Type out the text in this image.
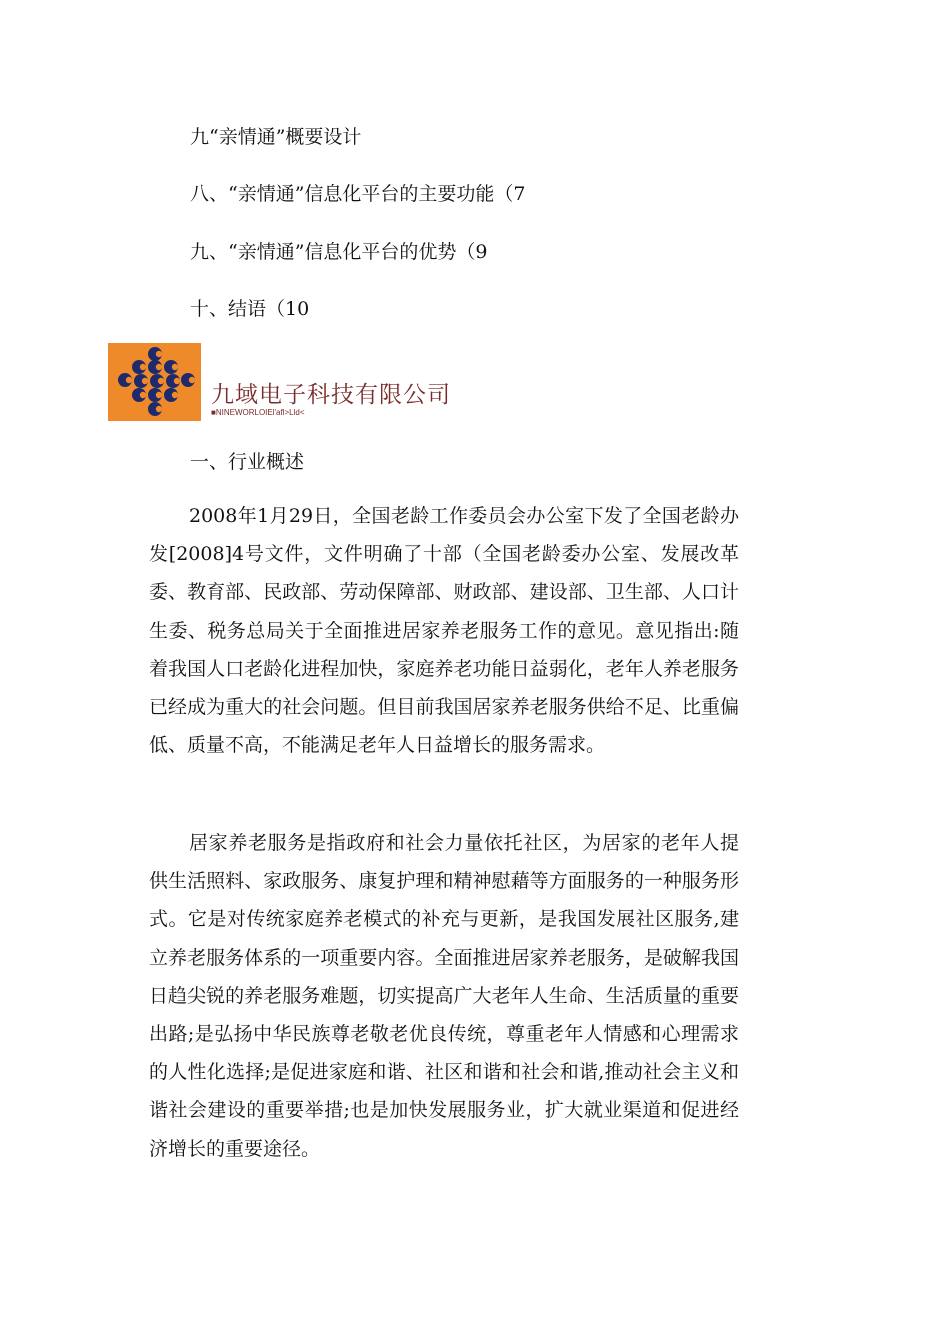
九“亲情通”概要设计
八、“亲情通”信息化平台的主要功能（7
九、“亲情通”信息化平台的优势（9
十、结语（10
九域电子科技有限公司
■NINEWORLOIEl'afl>Lld<
一、行业概述

2008年1月29日，全国老龄工作委员会办公室下发了全国老龄办发[2008]4号文件，文件明确了十部（全国老龄委办公室、发展改革委、教育部、民政部、劳动保障部、财政部、建设部、卫生部、人口计生委、税务总局关于全面推进居家养老服务工作的意见。意见指出:随着我国人口老龄化进程加快，家庭养老功能日益弱化，老年人养老服务已经成为重大的社会问题。但目前我国居家养老服务供给不足、比重偏低、质量不高，不能满足老年人日益增长的服务需求。

居家养老服务是指政府和社会力量依托社区，为居家的老年人提供生活照料、家政服务、康复护理和精神慰藉等方面服务的一种服务形式。它是对传统家庭养老模式的补充与更新，是我国发展社区服务,建立养老服务体系的一项重要内容。全面推进居家养老服务，是破解我国日趋尖锐的养老服务难题，切实提高广大老年人生命、生活质量的重要出路;是弘扬中华民族尊老敬老优良传统，尊重老年人情感和心理需求的人性化选择;是促进家庭和谐、社区和谐和社会和谐,推动社会主义和谐社会建设的重要举措;也是加快发展服务业，扩大就业渠道和促进经济增长的重要途径。
